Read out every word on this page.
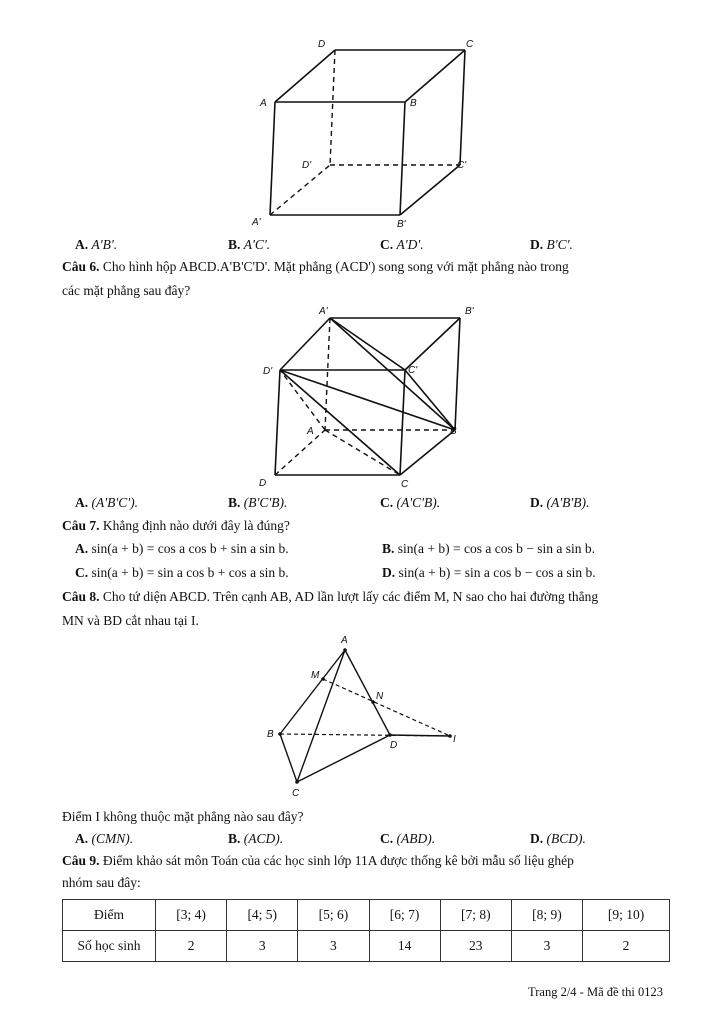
D	C
A	B
D'	C'
A'	B'
A. A'B'.	B. A'C'.	C. A'D'.	D. B'C'.
Câu 6. Cho hình hộp ABCD.A'B'C'D'. Mặt phẳng (ACD') song song với mặt phẳng nào trong
các mặt phẳng sau đây?
A'	B'
D'	C'
A	B
D	C
A. (A'B'C').	B. (B'C'B).	C. (A'C'B).	D. (A'B'B).
Câu 7. Khẳng định nào dưới đây là đúng?
A. sin(a + b) = cos a cos b + sin a sin b.	B. sin(a + b) = cos a cos b − sin a sin b.
C. sin(a + b) = sin a cos b + cos a sin b.	D. sin(a + b) = sin a cos b − cos a sin b.
Câu 8. Cho tứ diện ABCD. Trên cạnh AB, AD lần lượt lấy các điểm M, N sao cho hai đường thẳng
MN và BD cắt nhau tại I.
A
M
N
B
D
I
C
Điểm I không thuộc mặt phẳng nào sau đây?
A. (CMN).	B. (ACD).	C. (ABD).	D. (BCD).
Câu 9. Điểm khảo sát môn Toán của các học sinh lớp 11A được thống kê bởi mẫu số liệu ghép
nhóm sau đây:
Điểm	[3; 4)	[4; 5)	[5; 6)	[6; 7)	[7; 8)	[8; 9)	[9; 10)
Số học sinh	2	3	3	14	23	3	2
Trang 2/4 - Mã đề thi 0123
